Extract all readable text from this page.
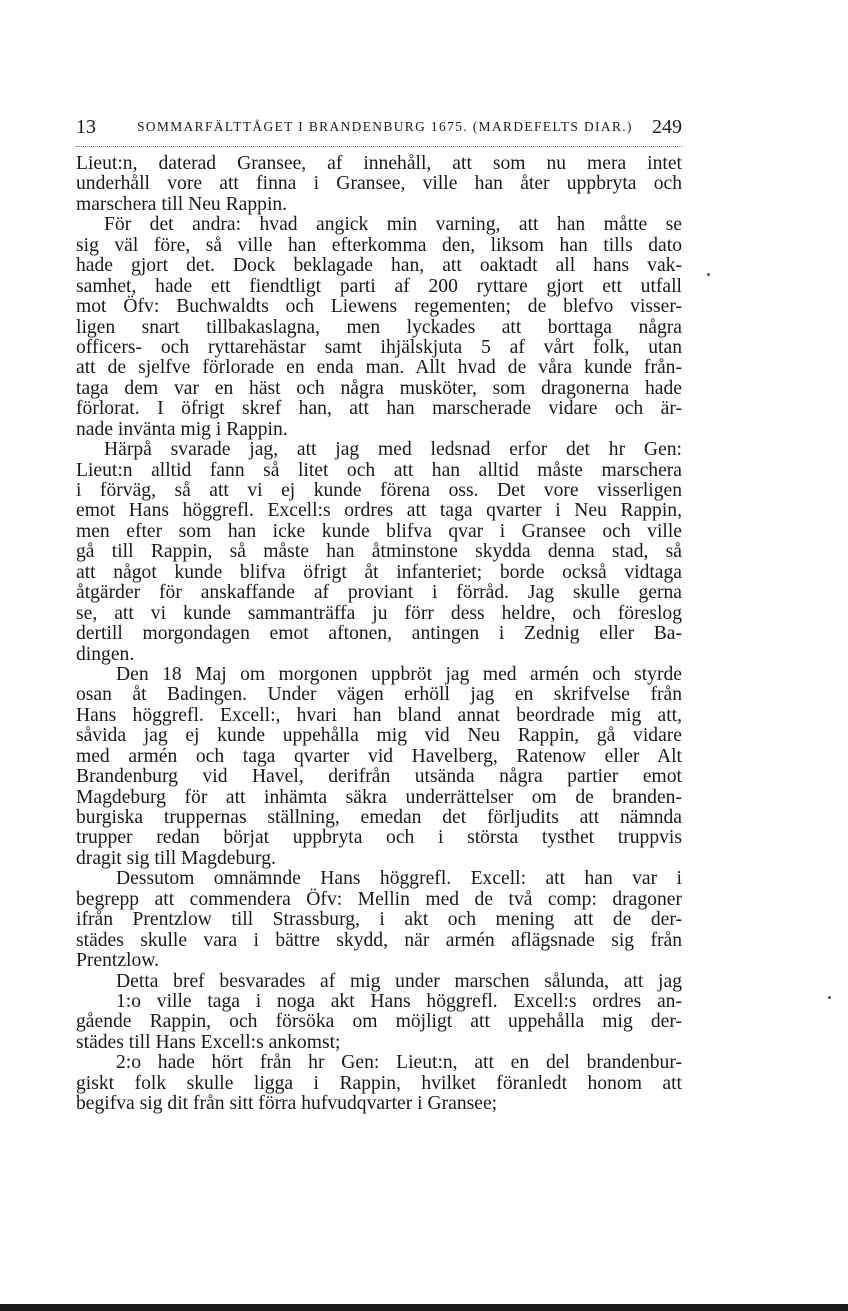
13	SOMMARFÄLTTÅGET I BRANDENBURG 1675. (MARDEFELTS DIAR.) 249
Lieut:n, daterad Gransee, af innehåll, att som nu mera intet
underhåll vore att finna i Gransee, ville han åter uppbryta och
marschera till Neu Rappin.
För det andra: hvad angick min varning, att han måtte se
sig väl före, så ville han efterkomma den, liksom han tills dato
hade gjort det. Dock beklagade han, att oaktadt all hans vak-
samhet, hade ett fiendtligt parti af 200 ryttare gjort ett utfall
mot Öfv: Buchwaldts och Liewens regementen; de blefvo visser-
ligen snart tillbakaslagna, men lyckades att borttaga några
officers- och ryttarehästar samt ihjälskjuta 5 af vårt folk, utan
att de sjelfve förlorade en enda man. Allt hvad de våra kunde från-
taga dem var en häst och några musköter, som dragonerna hade
förlorat. I öfrigt skref han, att han marscherade vidare och är-
nade invänta mig i Rappin.
Härpå svarade jag, att jag med ledsnad erfor det hr Gen:
Lieut:n alltid fann så litet och att han alltid måste marschera
i förväg, så att vi ej kunde förena oss. Det vore visserligen
emot Hans höggrefl. Excell:s ordres att taga qvarter i Neu Rappin,
men efter som han icke kunde blifva qvar i Gransee och ville
gå till Rappin, så måste han åtminstone skydda denna stad, så
att något kunde blifva öfrigt åt infanteriet; borde också vidtaga
åtgärder för anskaffande af proviant i förråd. Jag skulle gerna
se, att vi kunde sammanträffa ju förr dess heldre, och föreslog
dertill morgondagen emot aftonen, antingen i Zednig eller Ba-
dingen.
Den 18 Maj om morgonen uppbröt jag med armén och styrde
osan åt Badingen. Under vägen erhöll jag en skrifvelse från
Hans höggrefl. Excell:, hvari han bland annat beordrade mig att,
såvida jag ej kunde uppehålla mig vid Neu Rappin, gå vidare
med armén och taga qvarter vid Havelberg, Ratenow eller Alt
Brandenburg vid Havel, derifrån utsända några partier emot
Magdeburg för att inhämta säkra underrättelser om de branden-
burgiska truppernas ställning, emedan det förljudits att nämnda
trupper redan börjat uppbryta och i största tysthet truppvis
dragit sig till Magdeburg.
Dessutom omnämnde Hans höggrefl. Excell: att han var i
begrepp att commendera Öfv: Mellin med de två comp: dragoner
ifrån Prentzlow till Strassburg, i akt och mening att de der-
städes skulle vara i bättre skydd, när armén aflägsnade sig från
Prentzlow.
Detta bref besvarades af mig under marschen sålunda, att jag
1:o ville taga i noga akt Hans höggrefl. Excell:s ordres an-
gående Rappin, och försöka om möjligt att uppehålla mig der-
städes till Hans Excell:s ankomst;
2:o hade hört från hr Gen: Lieut:n, att en del brandenbur-
giskt folk skulle ligga i Rappin, hvilket föranledt honom att
begifva sig dit från sitt förra hufvudqvarter i Gransee;
